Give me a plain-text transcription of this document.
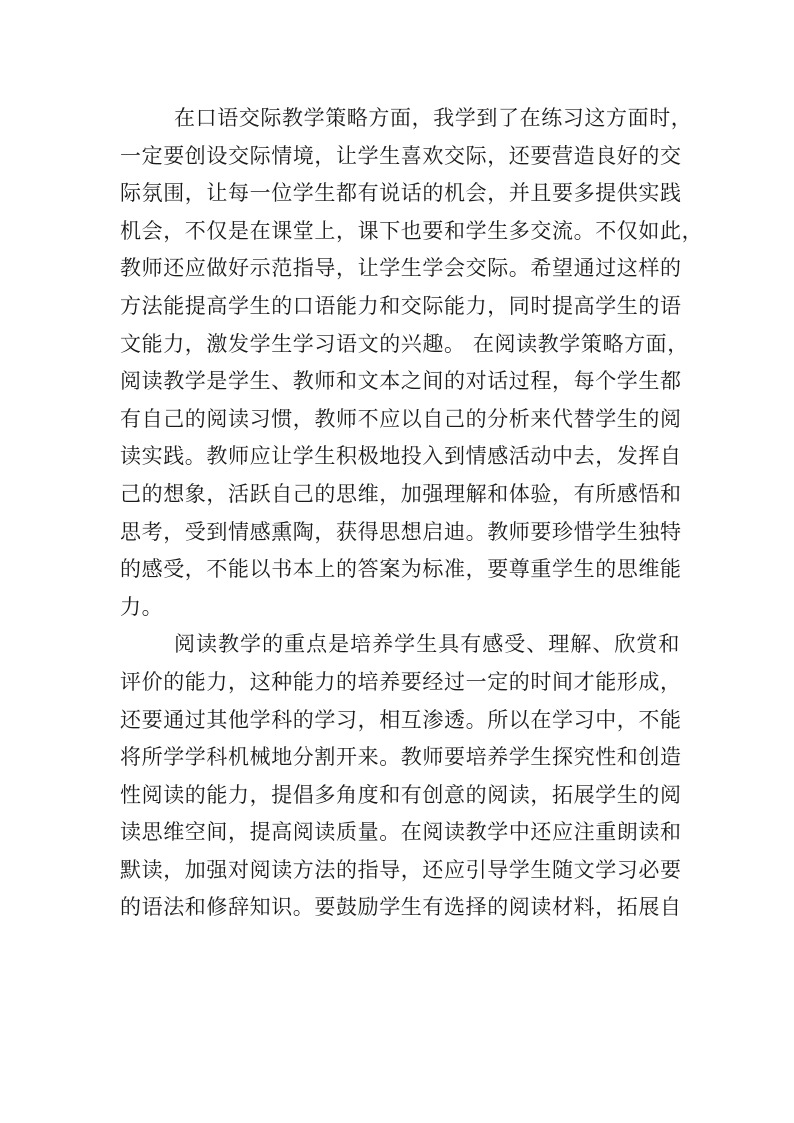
在口语交际教学策略方面，我学到了在练习这方面时，
一定要创设交际情境，让学生喜欢交际，还要营造良好的交
际氛围，让每一位学生都有说话的机会，并且要多提供实践
机会，不仅是在课堂上，课下也要和学生多交流。不仅如此，
教师还应做好示范指导，让学生学会交际。希望通过这样的
方法能提高学生的口语能力和交际能力，同时提高学生的语
文能力，激发学生学习语文的兴趣。 在阅读教学策略方面，
阅读教学是学生、教师和文本之间的对话过程，每个学生都
有自己的阅读习惯，教师不应以自己的分析来代替学生的阅
读实践。教师应让学生积极地投入到情感活动中去，发挥自
己的想象，活跃自己的思维，加强理解和体验，有所感悟和
思考，受到情感熏陶，获得思想启迪。教师要珍惜学生独特
的感受，不能以书本上的答案为标准，要尊重学生的思维能
力。
阅读教学的重点是培养学生具有感受、理解、欣赏和
评价的能力，这种能力的培养要经过一定的时间才能形成，
还要通过其他学科的学习，相互渗透。所以在学习中，不能
将所学学科机械地分割开来。教师要培养学生探究性和创造
性阅读的能力，提倡多角度和有创意的阅读，拓展学生的阅
读思维空间，提高阅读质量。在阅读教学中还应注重朗读和
默读，加强对阅读方法的指导，还应引导学生随文学习必要
的语法和修辞知识。要鼓励学生有选择的阅读材料，拓展自
